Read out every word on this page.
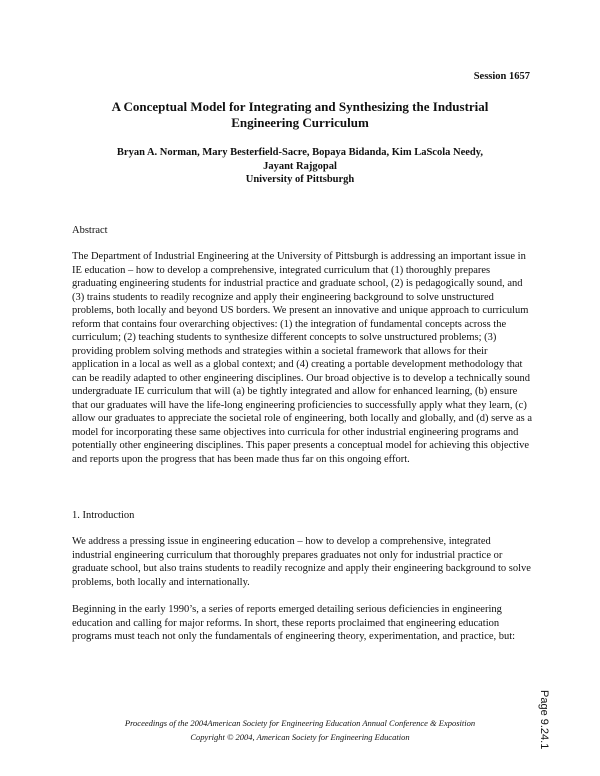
Session 1657
A Conceptual Model for Integrating and Synthesizing the Industrial
Engineering Curriculum
Bryan A. Norman, Mary Besterfield-Sacre, Bopaya Bidanda, Kim LaScola Needy,
Jayant Rajgopal
University of Pittsburgh
Abstract
The Department of Industrial Engineering at the University of Pittsburgh is addressing an important issue in IE education – how to develop a comprehensive, integrated curriculum that (1) thoroughly prepares graduating engineering students for industrial practice and graduate school, (2) is pedagogically sound, and (3) trains students to readily recognize and apply their engineering background to solve unstructured problems, both locally and beyond US borders. We present an innovative and unique approach to curriculum reform that contains four overarching objectives: (1) the integration of fundamental concepts across the curriculum; (2) teaching students to synthesize different concepts to solve unstructured problems; (3) providing problem solving methods and strategies within a societal framework that allows for their application in a local as well as a global context; and (4) creating a portable development methodology that can be readily adapted to other engineering disciplines. Our broad objective is to develop a technically sound undergraduate IE curriculum that will (a) be tightly integrated and allow for enhanced learning, (b) ensure that our graduates will have the life-long engineering proficiencies to successfully apply what they learn, (c) allow our graduates to appreciate the societal role of engineering, both locally and globally, and (d) serve as a model for incorporating these same objectives into curricula for other industrial engineering programs and potentially other engineering disciplines. This paper presents a conceptual model for achieving this objective and reports upon the progress that has been made thus far on this ongoing effort.
1. Introduction
We address a pressing issue in engineering education – how to develop a comprehensive, integrated industrial engineering curriculum that thoroughly prepares graduates not only for industrial practice or graduate school, but also trains students to readily recognize and apply their engineering background to solve problems, both locally and internationally.
Beginning in the early 1990’s, a series of reports emerged detailing serious deficiencies in engineering education and calling for major reforms. In short, these reports proclaimed that engineering education programs must teach not only the fundamentals of engineering theory, experimentation, and practice, but:
Proceedings of the 2004American Society for Engineering Education Annual Conference & Exposition
Copyright © 2004, American Society for Engineering Education	Page 9.24.1
